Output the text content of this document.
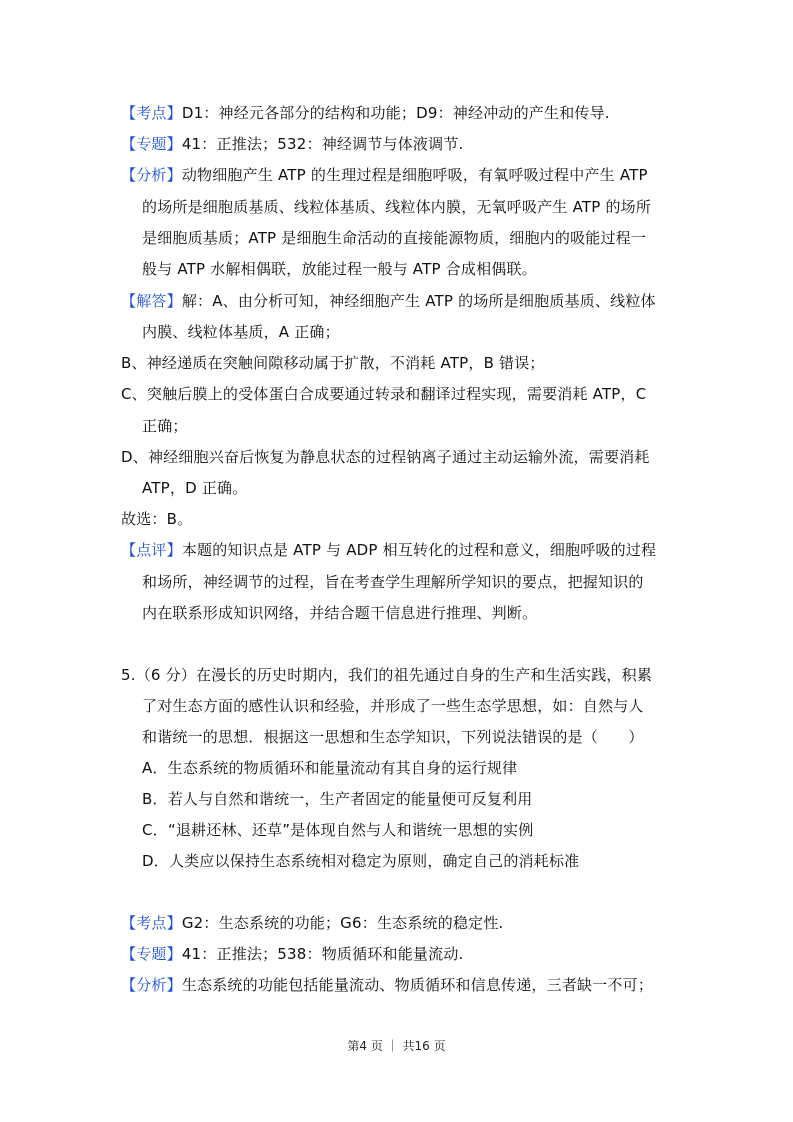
【考点】D1：神经元各部分的结构和功能；D9：神经冲动的产生和传导.
【专题】41：正推法；532：神经调节与体液调节.
【分析】动物细胞产生 ATP 的生理过程是细胞呼吸，有氧呼吸过程中产生 ATP
的场所是细胞质基质、线粒体基质、线粒体内膜，无氧呼吸产生 ATP 的场所
是细胞质基质；ATP 是细胞生命活动的直接能源物质，细胞内的吸能过程一
般与 ATP 水解相偶联，放能过程一般与 ATP 合成相偶联。
【解答】解：A、由分析可知，神经细胞产生 ATP 的场所是细胞质基质、线粒体
内膜、线粒体基质，A 正确；
B、神经递质在突触间隙移动属于扩散，不消耗 ATP，B 错误；
C、突触后膜上的受体蛋白合成要通过转录和翻译过程实现，需要消耗 ATP，C
正确；
D、神经细胞兴奋后恢复为静息状态的过程钠离子通过主动运输外流，需要消耗
ATP，D 正确。
故选：B。
【点评】本题的知识点是 ATP 与 ADP 相互转化的过程和意义，细胞呼吸的过程
和场所，神经调节的过程，旨在考查学生理解所学知识的要点，把握知识的
内在联系形成知识网络，并结合题干信息进行推理、判断。
5.（6 分）在漫长的历史时期内，我们的祖先通过自身的生产和生活实践，积累
了对生态方面的感性认识和经验，并形成了一些生态学思想，如：自然与人
和谐统一的思想．根据这一思想和生态学知识，下列说法错误的是（　　）
A．生态系统的物质循环和能量流动有其自身的运行规律
B．若人与自然和谐统一，生产者固定的能量便可反复利用
C．“退耕还林、还草”是体现自然与人和谐统一思想的实例
D．人类应以保持生态系统相对稳定为原则，确定自己的消耗标准
【考点】G2：生态系统的功能；G6：生态系统的稳定性.
【专题】41：正推法；538：物质循环和能量流动.
【分析】生态系统的功能包括能量流动、物质循环和信息传递，三者缺一不可；
第4 页 ｜ 共16 页
